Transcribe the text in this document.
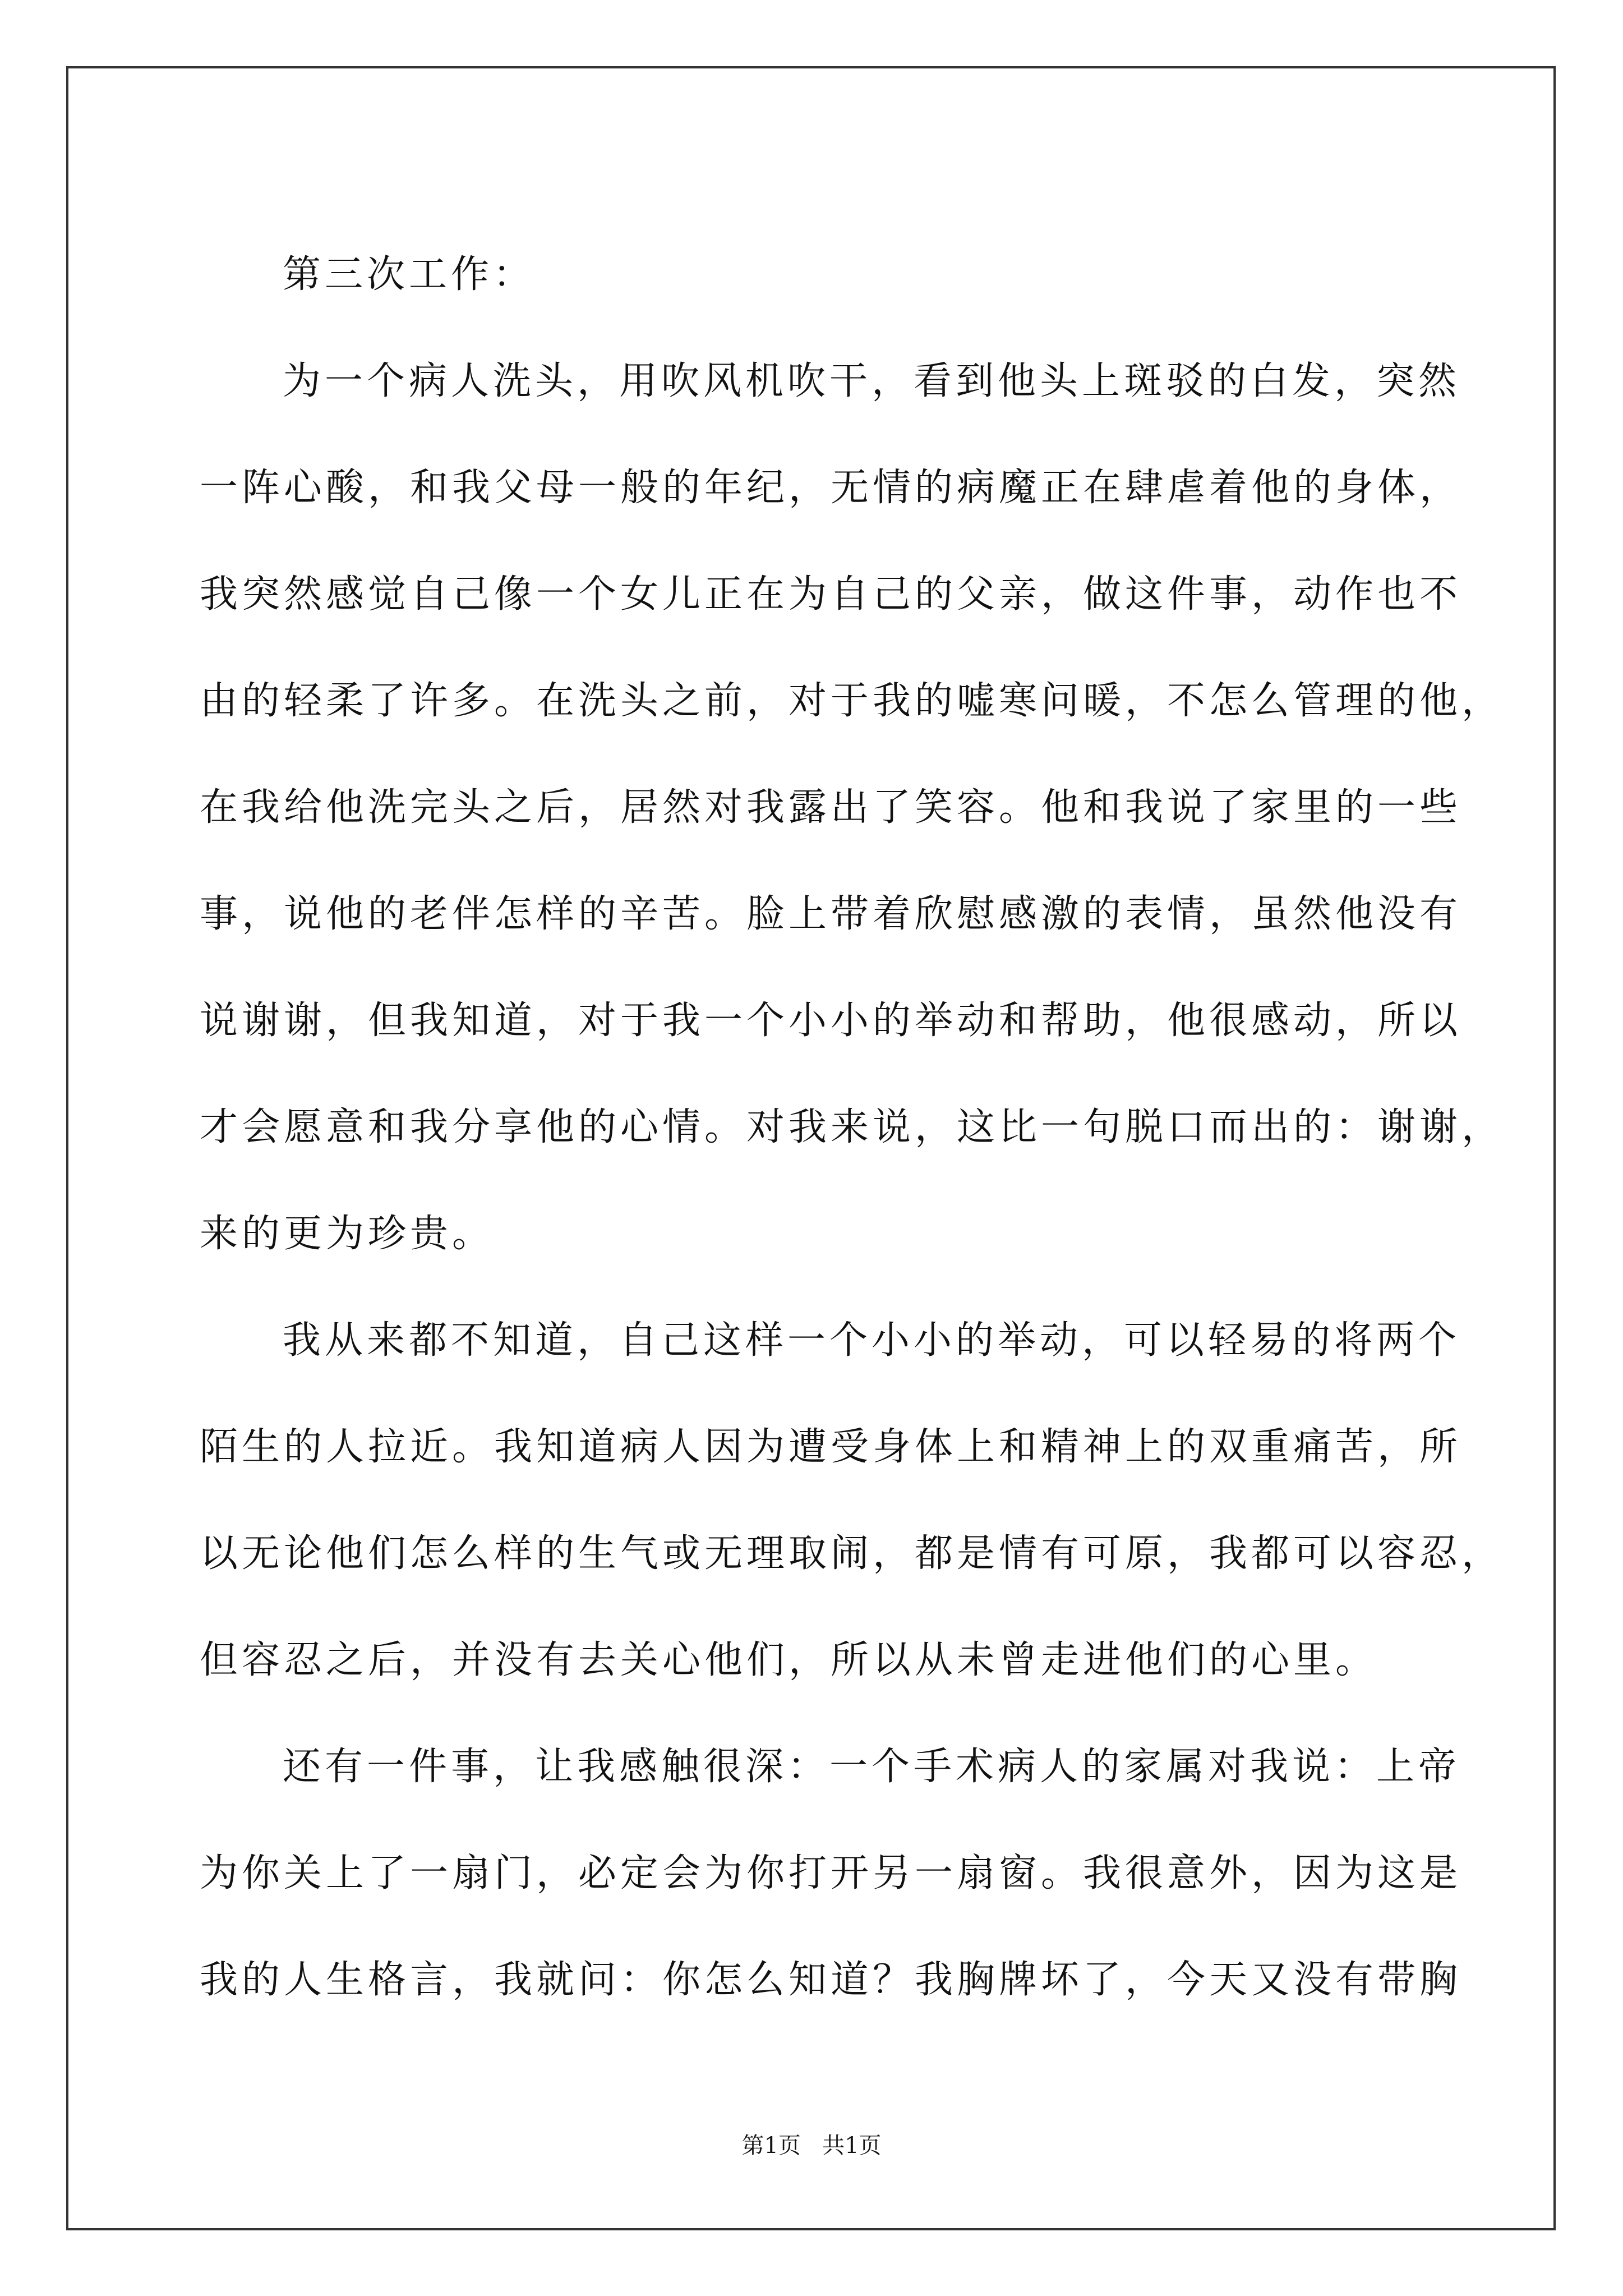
第三次工作：
为一个病人洗头，用吹风机吹干，看到他头上斑驳的白发，突然
一阵心酸，和我父母一般的年纪，无情的病魔正在肆虐着他的身体，
我突然感觉自己像一个女儿正在为自己的父亲，做这件事，动作也不
由的轻柔了许多。在洗头之前，对于我的嘘寒问暖，不怎么管理的他，
在我给他洗完头之后，居然对我露出了笑容。他和我说了家里的一些
事，说他的老伴怎样的辛苦。脸上带着欣慰感激的表情，虽然他没有
说谢谢，但我知道，对于我一个小小的举动和帮助，他很感动，所以
才会愿意和我分享他的心情。对我来说，这比一句脱口而出的：谢谢，
来的更为珍贵。
我从来都不知道，自己这样一个小小的举动，可以轻易的将两个
陌生的人拉近。我知道病人因为遭受身体上和精神上的双重痛苦，所
以无论他们怎么样的生气或无理取闹，都是情有可原，我都可以容忍，
但容忍之后，并没有去关心他们，所以从未曾走进他们的心里。
还有一件事，让我感触很深：一个手术病人的家属对我说：上帝
为你关上了一扇门，必定会为你打开另一扇窗。我很意外，因为这是
我的人生格言，我就问：你怎么知道？我胸牌坏了，今天又没有带胸
第1页 共1页
